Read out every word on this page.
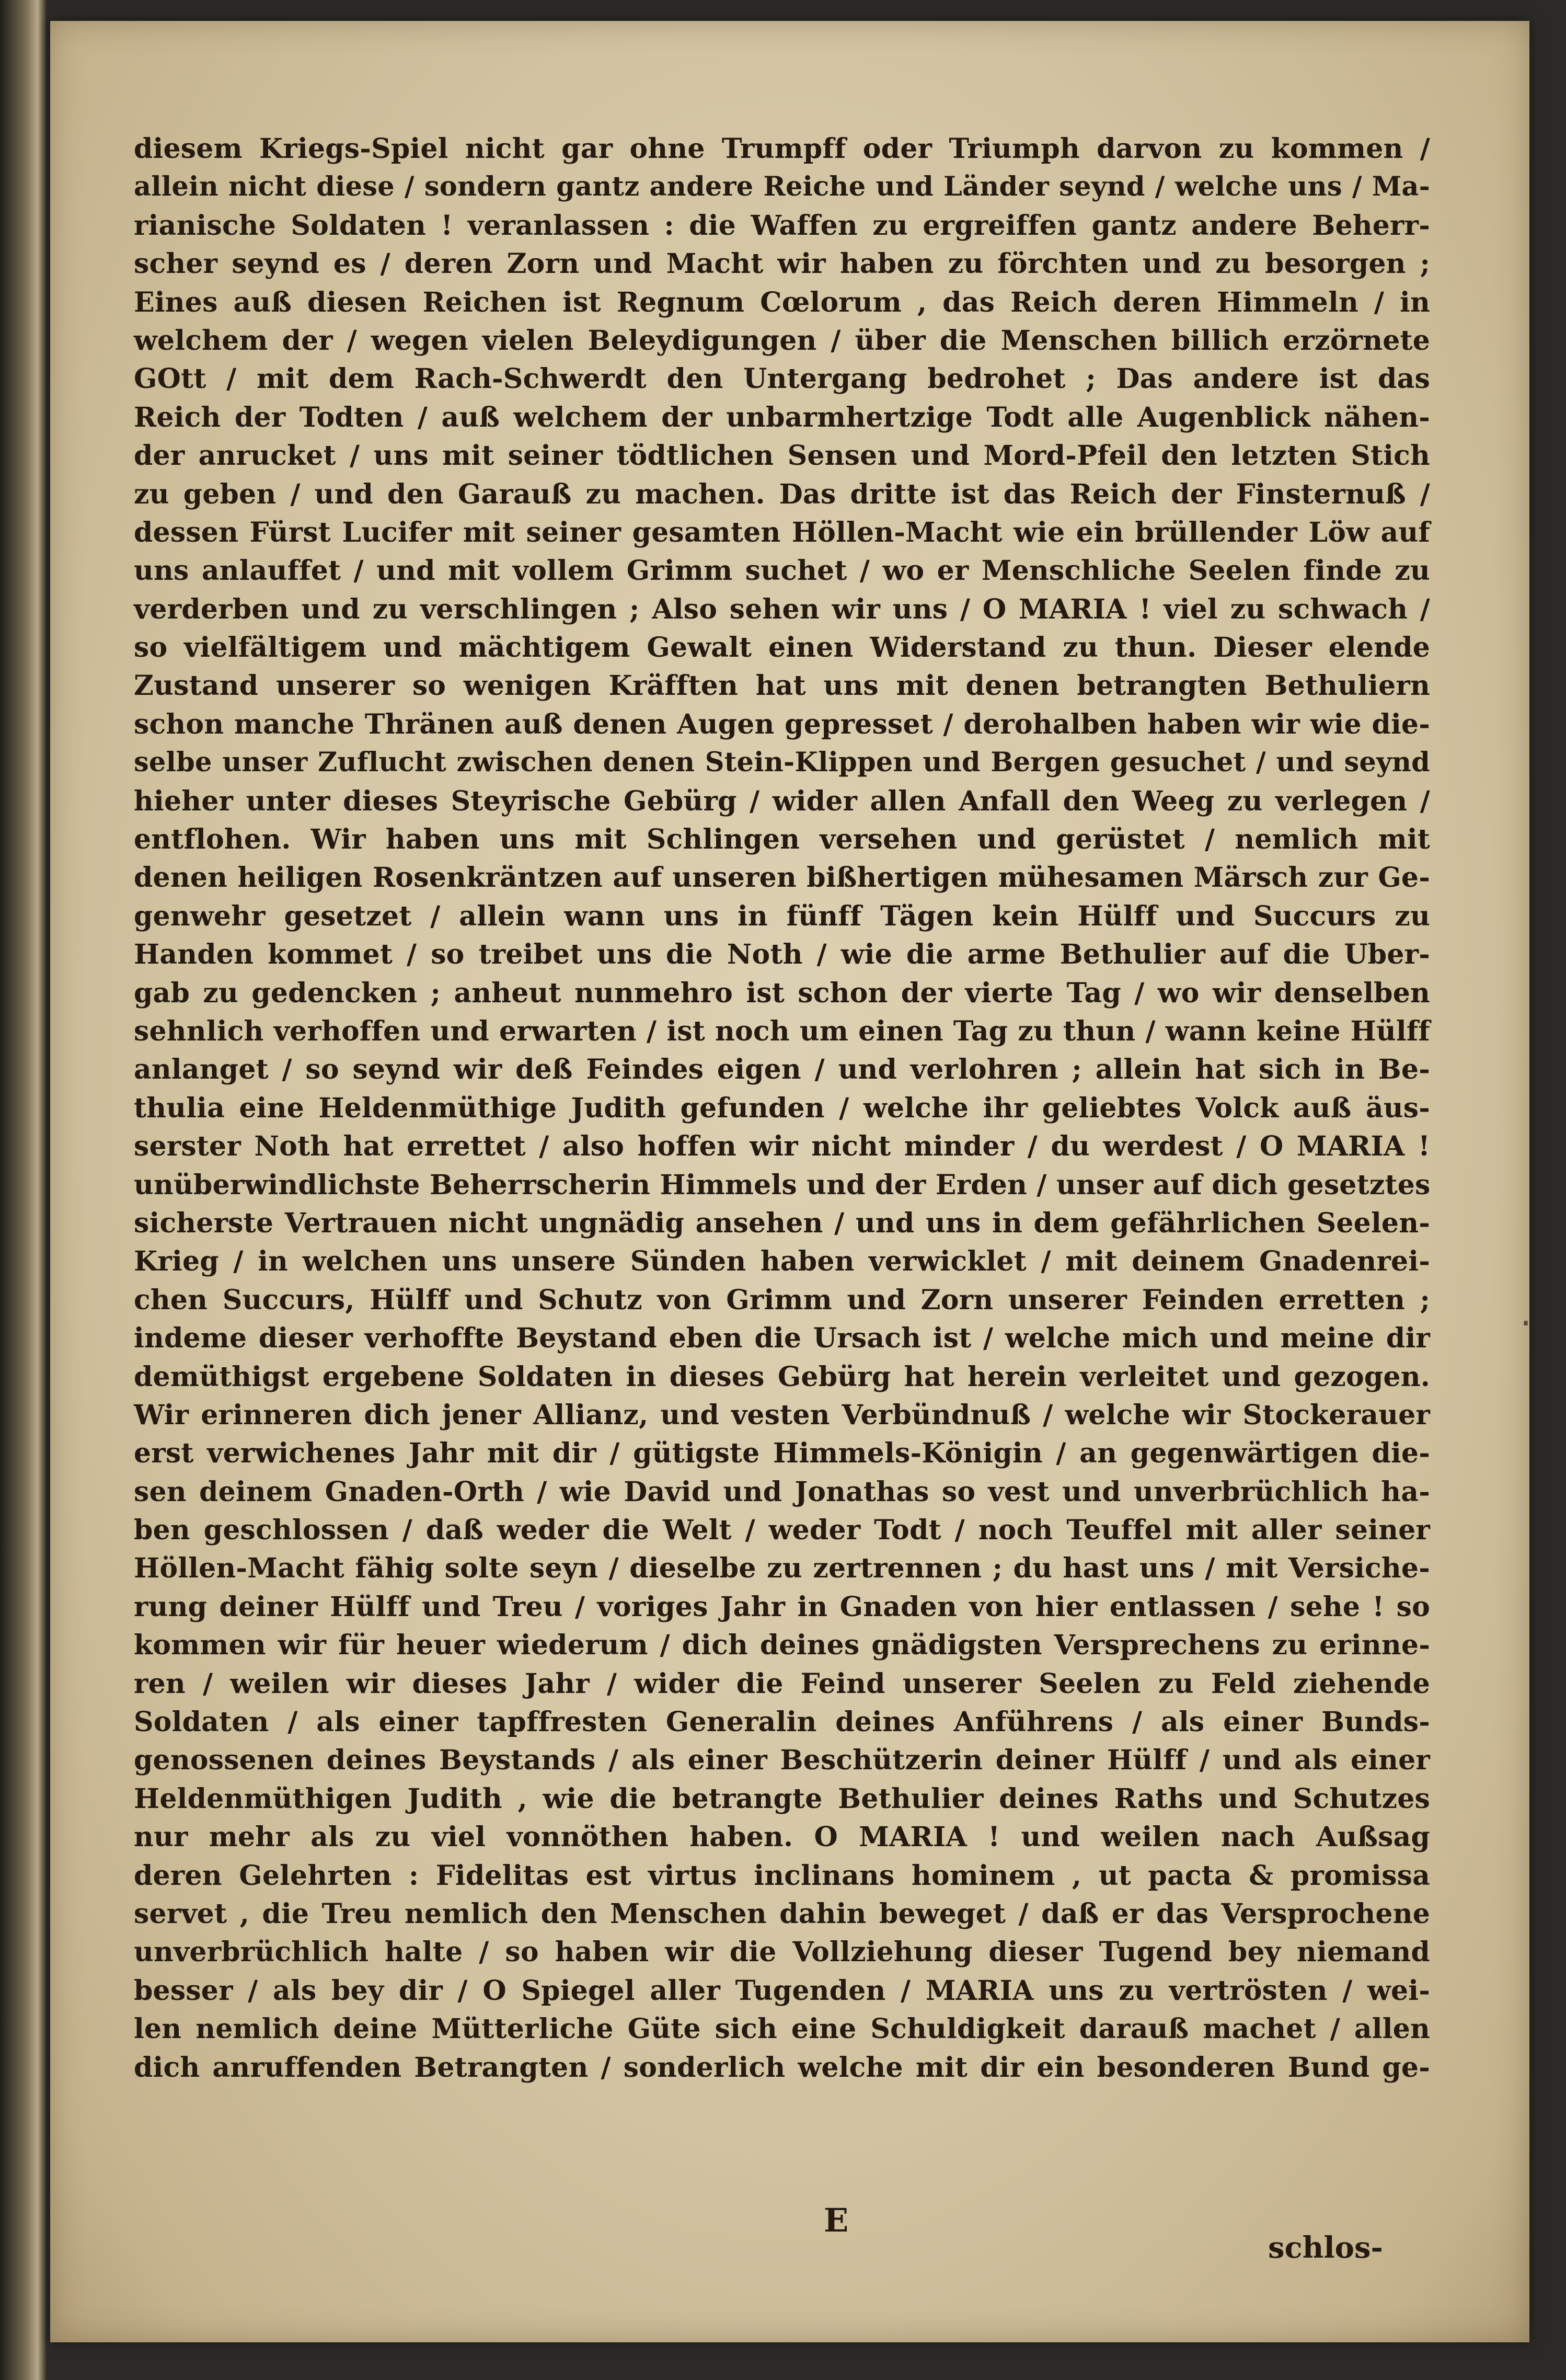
diesem Kriegs-Spiel nicht gar ohne Trumpff oder Triumph darvon zu kommen /
allein nicht diese / sondern gantz andere Reiche und Länder seynd / welche uns / Ma-
rianische Soldaten ! veranlassen : die Waffen zu ergreiffen gantz andere Beherr-
scher seynd es / deren Zorn und Macht wir haben zu förchten und zu besorgen ;
Eines auß diesen Reichen ist Regnum Cœlorum , das Reich deren Himmeln / in
welchem der / wegen vielen Beleydigungen / über die Menschen billich erzörnete
GOtt / mit dem Rach-Schwerdt den Untergang bedrohet ; Das andere ist das
Reich der Todten / auß welchem der unbarmhertzige Todt alle Augenblick nähen-
der anrucket / uns mit seiner tödtlichen Sensen und Mord-Pfeil den letzten Stich
zu geben / und den Garauß zu machen. Das dritte ist das Reich der Finsternuß /
dessen Fürst Lucifer mit seiner gesamten Höllen-Macht wie ein brüllender Löw auf
uns anlauffet / und mit vollem Grimm suchet / wo er Menschliche Seelen finde zu
verderben und zu verschlingen ; Also sehen wir uns / O MARIA ! viel zu schwach /
so vielfältigem und mächtigem Gewalt einen Widerstand zu thun. Dieser elende
Zustand unserer so wenigen Kräfften hat uns mit denen betrangten Bethuliern
schon manche Thränen auß denen Augen gepresset / derohalben haben wir wie die-
selbe unser Zuflucht zwischen denen Stein-Klippen und Bergen gesuchet / und seynd
hieher unter dieses Steyrische Gebürg / wider allen Anfall den Weeg zu verlegen /
entflohen. Wir haben uns mit Schlingen versehen und gerüstet / nemlich mit
denen heiligen Rosenkräntzen auf unseren bißhertigen mühesamen Märsch zur Ge-
genwehr gesetzet / allein wann uns in fünff Tägen kein Hülff und Succurs zu
Handen kommet / so treibet uns die Noth / wie die arme Bethulier auf die Uber-
gab zu gedencken ; anheut nunmehro ist schon der vierte Tag / wo wir denselben
sehnlich verhoffen und erwarten / ist noch um einen Tag zu thun / wann keine Hülff
anlanget / so seynd wir deß Feindes eigen / und verlohren ; allein hat sich in Be-
thulia eine Heldenmüthige Judith gefunden / welche ihr geliebtes Volck auß äus-
serster Noth hat errettet / also hoffen wir nicht minder / du werdest / O MARIA !
unüberwindlichste Beherrscherin Himmels und der Erden / unser auf dich gesetztes
sicherste Vertrauen nicht ungnädig ansehen / und uns in dem gefährlichen Seelen-
Krieg / in welchen uns unsere Sünden haben verwicklet / mit deinem Gnadenrei-
chen Succurs, Hülff und Schutz von Grimm und Zorn unserer Feinden erretten ;
indeme dieser verhoffte Beystand eben die Ursach ist / welche mich und meine dir
demüthigst ergebene Soldaten in dieses Gebürg hat herein verleitet und gezogen.
Wir erinneren dich jener Allianz, und vesten Verbündnuß / welche wir Stockerauer
erst verwichenes Jahr mit dir / gütigste Himmels-Königin / an gegenwärtigen die-
sen deinem Gnaden-Orth / wie David und Jonathas so vest und unverbrüchlich ha-
ben geschlossen / daß weder die Welt / weder Todt / noch Teuffel mit aller seiner
Höllen-Macht fähig solte seyn / dieselbe zu zertrennen ; du hast uns / mit Versiche-
rung deiner Hülff und Treu / voriges Jahr in Gnaden von hier entlassen / sehe ! so
kommen wir für heuer wiederum / dich deines gnädigsten Versprechens zu erinne-
ren / weilen wir dieses Jahr / wider die Feind unserer Seelen zu Feld ziehende
Soldaten / als einer tapffresten Generalin deines Anführens / als einer Bunds-
genossenen deines Beystands / als einer Beschützerin deiner Hülff / und als einer
Heldenmüthigen Judith , wie die betrangte Bethulier deines Raths und Schutzes
nur mehr als zu viel vonnöthen haben. O MARIA ! und weilen nach Außsag
deren Gelehrten : Fidelitas est virtus inclinans hominem , ut pacta & promissa
servet , die Treu nemlich den Menschen dahin beweget / daß er das Versprochene
unverbrüchlich halte / so haben wir die Vollziehung dieser Tugend bey niemand
besser / als bey dir / O Spiegel aller Tugenden / MARIA uns zu vertrösten / wei-
len nemlich deine Mütterliche Güte sich eine Schuldigkeit darauß machet / allen
dich anruffenden Betrangten / sonderlich welche mit dir ein besonderen Bund ge-
.
E
schlos-
